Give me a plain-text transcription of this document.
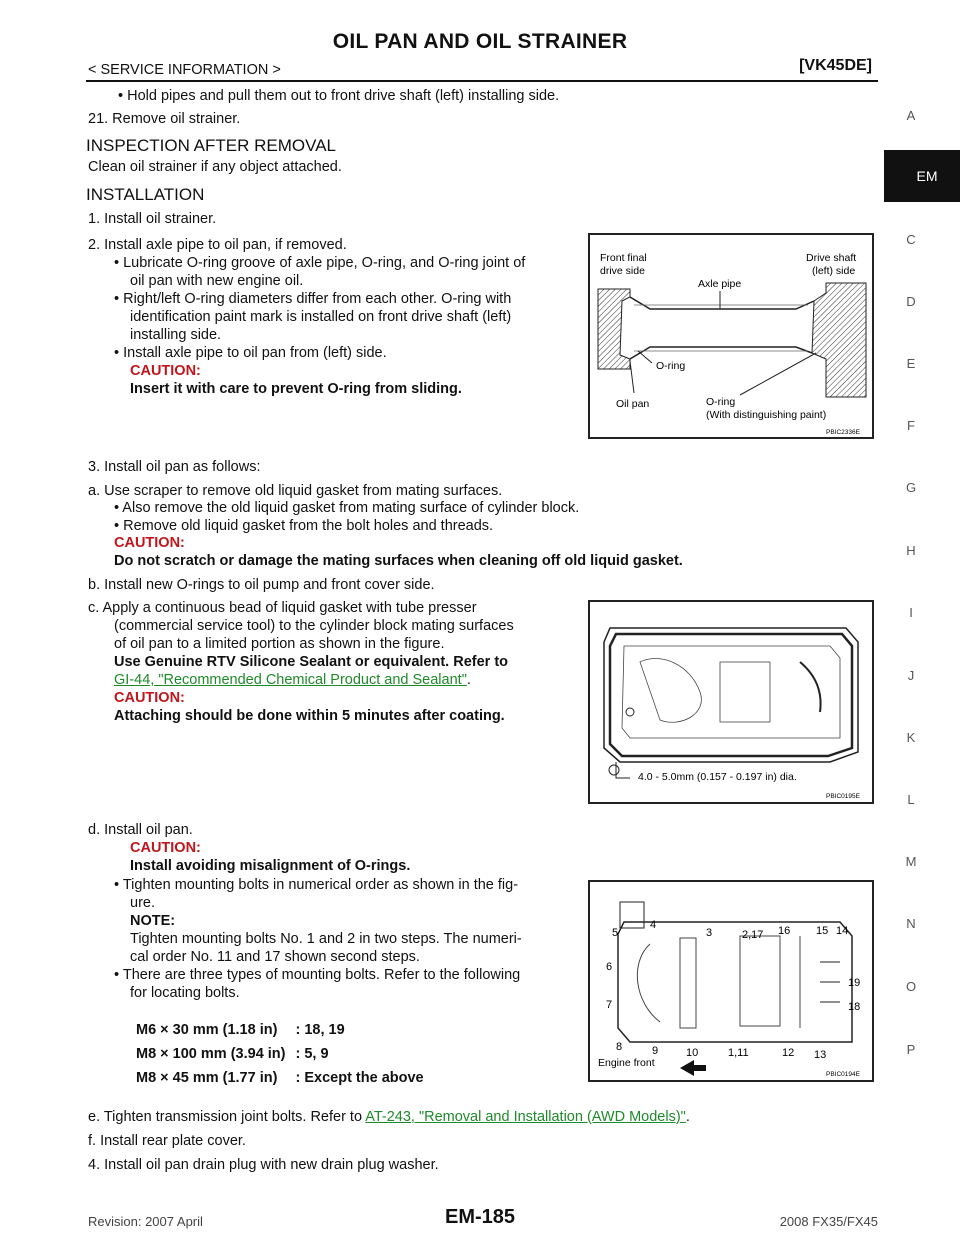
OIL PAN AND OIL STRAINER
< SERVICE INFORMATION >	[VK45DE]
A
EM
C
D
E
F
G
H
I
J
K
L
M
N
O
P
• Hold pipes and pull them out to front drive shaft (left) installing side.
21. Remove oil strainer.
INSPECTION AFTER REMOVAL
Clean oil strainer if any object attached.
INSTALLATION
1. Install oil strainer.
2. Install axle pipe to oil pan, if removed.
• Lubricate O-ring groove of axle pipe, O-ring, and O-ring joint of
oil pan with new engine oil.
• Right/left O-ring diameters differ from each other. O-ring with
identification paint mark is installed on front drive shaft (left)
installing side.
• Install axle pipe to oil pan from (left) side.
CAUTION:
Insert it with care to prevent O-ring from sliding.
Front final
drive side
Drive shaft
(left) side
Axle pipe
O-ring
Oil pan	O-ring
(With distinguishing paint)
PBIC2336E
3. Install oil pan as follows:
a. Use scraper to remove old liquid gasket from mating surfaces.
• Also remove the old liquid gasket from mating surface of cylinder block.
• Remove old liquid gasket from the bolt holes and threads.
CAUTION:
Do not scratch or damage the mating surfaces when cleaning off old liquid gasket.
b. Install new O-rings to oil pump and front cover side.
c. Apply a continuous bead of liquid gasket with tube presser
(commercial service tool) to the cylinder block mating surfaces
of oil pan to a limited portion as shown in the figure.
Use Genuine RTV Silicone Sealant or equivalent. Refer to
GI-44, "Recommended Chemical Product and Sealant".
CAUTION:
Attaching should be done within 5 minutes after coating.
4.0 - 5.0mm (0.157 - 0.197 in) dia.
PBIC0195E
d. Install oil pan.
CAUTION:
Install avoiding misalignment of O-rings.
• Tighten mounting bolts in numerical order as shown in the fig-
ure.
NOTE:
Tighten mounting bolts No. 1 and 2 in two steps. The numeri-
cal order No. 11 and 17 shown second steps.
• There are three types of mounting bolts. Refer to the following
for locating bolts.
M6 × 30 mm (1.18 in)	: 18, 19
M8 × 100 mm (3.94 in)	: 5, 9
M8 × 45 mm (1.77 in)	: Except the above
5
4
3	2,17 16 15 14
6
19
7	18
8	9	10	1,11	12 13
Engine front
PBIC0194E
e. Tighten transmission joint bolts. Refer to AT-243, "Removal and Installation (AWD Models)".
f. Install rear plate cover.
4. Install oil pan drain plug with new drain plug washer.
Revision: 2007 April	EM-185	2008 FX35/FX45
